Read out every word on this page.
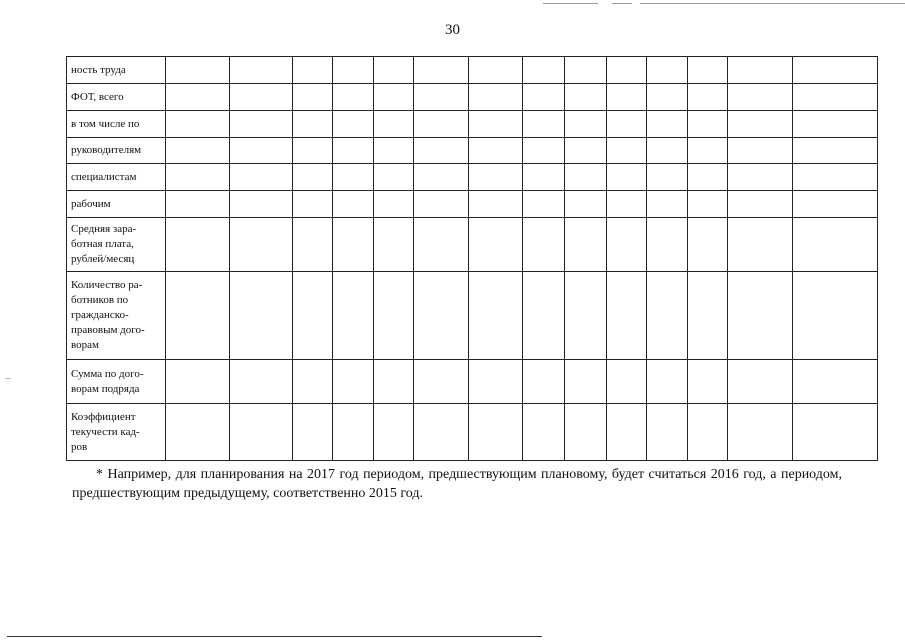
30
ность труда														
ФОТ, всего														
в том числе по														
руководителям														
специалистам														
рабочим														
Средняя зара-
ботная плата,
рублей/месяц														
Количество ра-
ботников по
гражданско-
правовым дого-
ворам														
Сумма по дого-
ворам подряда														
Коэффициент
текучести кад-
ров														
* Например, для планирования на 2017 год периодом, предшествующим плановому, будет считаться 2016 год, а периодом, предшествующим предыдущему, соответственно 2015 год.
